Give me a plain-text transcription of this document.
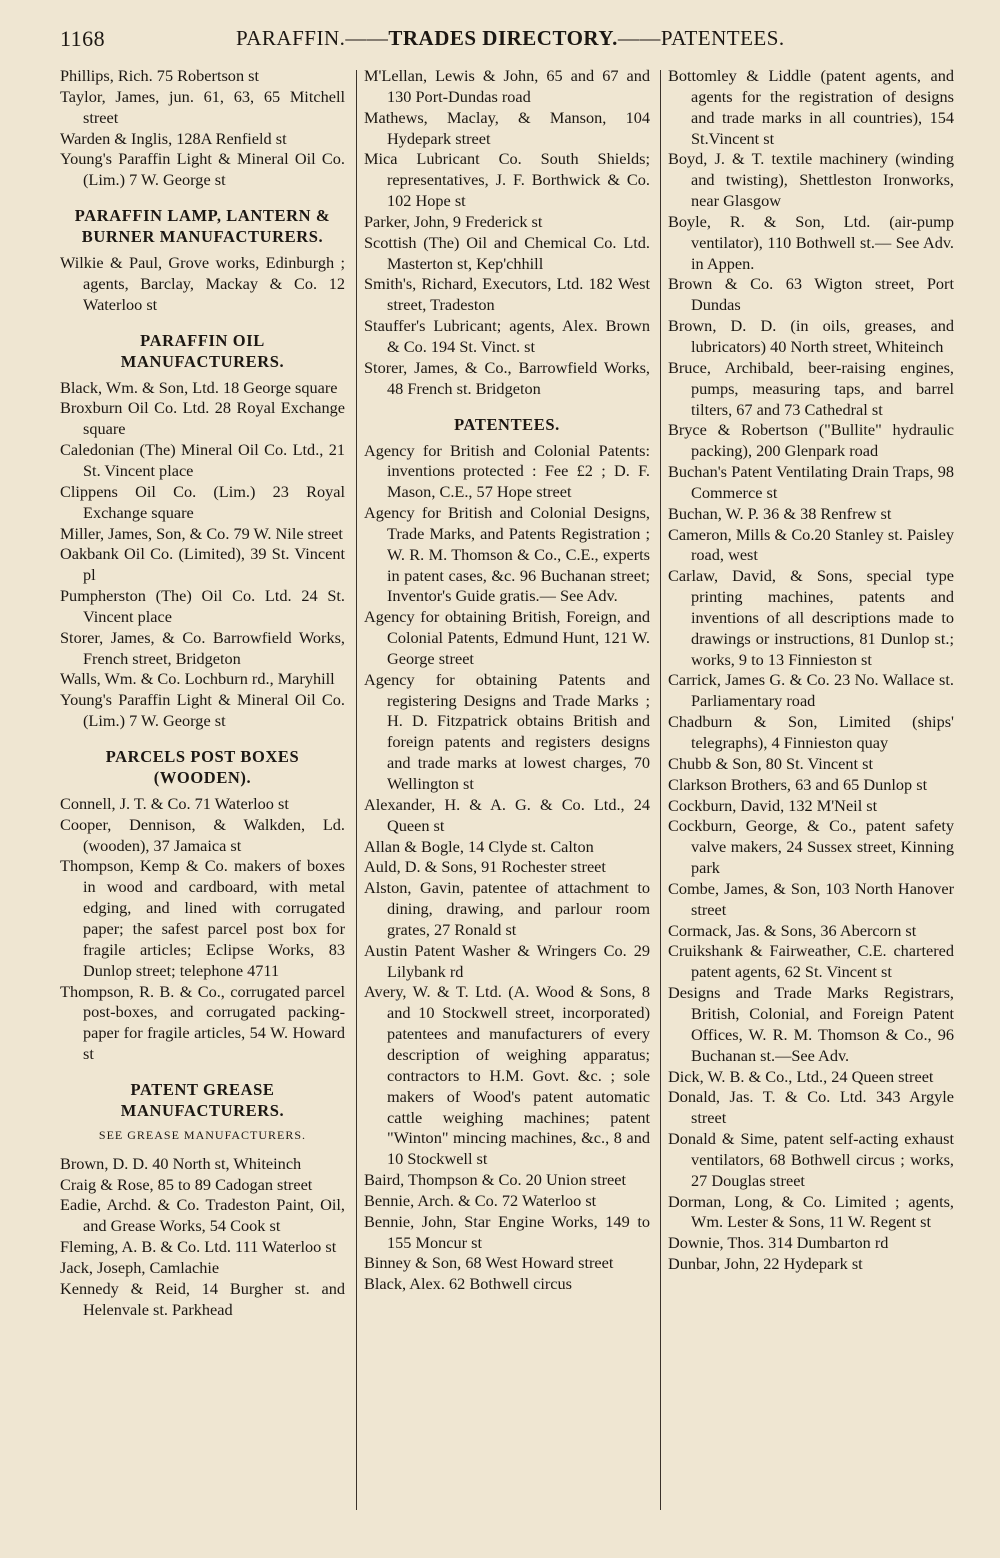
1168	PARAFFIN.——TRADES DIRECTORY.——PATENTEES.

Phillips, Rich. 75 Robertson st

Taylor, James, jun. 61, 63, 65 Mitchell street

Warden & Inglis, 128A Renfield st

Young's Paraffin Light & Mineral Oil Co. (Lim.) 7 W. George st

PARAFFIN LAMP, LANTERN & BURNER MANUFACTURERS.

Wilkie & Paul, Grove works, Edinburgh ; agents, Barclay, Mackay & Co. 12 Waterloo st

PARAFFIN OIL MANUFACTURERS.

Black, Wm. & Son, Ltd. 18 George square

Broxburn Oil Co. Ltd. 28 Royal Exchange square

Caledonian (The) Mineral Oil Co. Ltd., 21 St. Vincent place

Clippens Oil Co. (Lim.) 23 Royal Exchange square

Miller, James, Son, & Co. 79 W. Nile street

Oakbank Oil Co. (Limited), 39 St. Vincent pl

Pumpherston (The) Oil Co. Ltd. 24 St. Vincent place

Storer, James, & Co. Barrowfield Works, French street, Bridgeton

Walls, Wm. & Co. Lochburn rd., Maryhill

Young's Paraffin Light & Mineral Oil Co. (Lim.) 7 W. George st

PARCELS POST BOXES (WOODEN).

Connell, J. T. & Co. 71 Waterloo st

Cooper, Dennison, & Walkden, Ld. (wooden), 37 Jamaica st

Thompson, Kemp & Co. makers of boxes in wood and cardboard, with metal edging, and lined with corrugated paper; the safest parcel post box for fragile articles; Eclipse Works, 83 Dunlop street; telephone 4711

Thompson, R. B. & Co., corrugated parcel post-boxes, and corrugated packing-paper for fragile articles, 54 W. Howard st

PATENT GREASE MANUFACTURERS.
SEE GREASE MANUFACTURERS.

Brown, D. D. 40 North st, Whiteinch

Craig & Rose, 85 to 89 Cadogan street

Eadie, Archd. & Co. Tradeston Paint, Oil, and Grease Works, 54 Cook st

Fleming, A. B. & Co. Ltd. 111 Waterloo st

Jack, Joseph, Camlachie

Kennedy & Reid, 14 Burgher st. and Helenvale st. Parkhead

M'Lellan, Lewis & John, 65 and 67 and 130 Port-Dundas road

Mathews, Maclay, & Manson, 104 Hydepark street

Mica Lubricant Co. South Shields; representatives, J. F. Borthwick & Co. 102 Hope st

Parker, John, 9 Frederick st

Scottish (The) Oil and Chemical Co. Ltd. Masterton st, Kep'chhill

Smith's, Richard, Executors, Ltd. 182 West street, Tradeston

Stauffer's Lubricant; agents, Alex. Brown & Co. 194 St. Vinct. st

Storer, James, & Co., Barrowfield Works, 48 French st. Bridgeton

PATENTEES.

Agency for British and Colonial Patents: inventions protected : Fee £2 ; D. F. Mason, C.E., 57 Hope street

Agency for British and Colonial Designs, Trade Marks, and Patents Registration ; W. R. M. Thomson & Co., C.E., experts in patent cases, &c. 96 Buchanan street; Inventor's Guide gratis.— See Adv.

Agency for obtaining British, Foreign, and Colonial Patents, Edmund Hunt, 121 W. George street

Agency for obtaining Patents and registering Designs and Trade Marks ; H. D. Fitzpatrick obtains British and foreign patents and registers designs and trade marks at lowest charges, 70 Wellington st

Alexander, H. & A. G. & Co. Ltd., 24 Queen st

Allan & Bogle, 14 Clyde st. Calton

Auld, D. & Sons, 91 Rochester street

Alston, Gavin, patentee of attachment to dining, drawing, and parlour room grates, 27 Ronald st

Austin Patent Washer & Wringers Co. 29 Lilybank rd

Avery, W. & T. Ltd. (A. Wood & Sons, 8 and 10 Stockwell street, incorporated) patentees and manufacturers of every description of weighing apparatus; contractors to H.M. Govt. &c. ; sole makers of Wood's patent automatic cattle weighing machines; patent "Winton" mincing machines, &c., 8 and 10 Stockwell st

Baird, Thompson & Co. 20 Union street

Bennie, Arch. & Co. 72 Waterloo st

Bennie, John, Star Engine Works, 149 to 155 Moncur st

Binney & Son, 68 West Howard street

Black, Alex. 62 Bothwell circus

Bottomley & Liddle (patent agents, and agents for the registration of designs and trade marks in all countries), 154 St.Vincent st

Boyd, J. & T. textile machinery (winding and twisting), Shettleston Ironworks, near Glasgow

Boyle, R. & Son, Ltd. (air-pump ventilator), 110 Bothwell st.— See Adv. in Appen.

Brown & Co. 63 Wigton street, Port Dundas

Brown, D. D. (in oils, greases, and lubricators) 40 North street, Whiteinch

Bruce, Archibald, beer-raising engines, pumps, measuring taps, and barrel tilters, 67 and 73 Cathedral st

Bryce & Robertson ("Bullite" hydraulic packing), 200 Glenpark road

Buchan's Patent Ventilating Drain Traps, 98 Commerce st

Buchan, W. P. 36 & 38 Renfrew st

Cameron, Mills & Co.20 Stanley st. Paisley road, west

Carlaw, David, & Sons, special type printing machines, patents and inventions of all descriptions made to drawings or instructions, 81 Dunlop st.; works, 9 to 13 Finnieston st

Carrick, James G. & Co. 23 No. Wallace st. Parliamentary road

Chadburn & Son, Limited (ships' telegraphs), 4 Finnieston quay

Chubb & Son, 80 St. Vincent st

Clarkson Brothers, 63 and 65 Dunlop st

Cockburn, David, 132 M'Neil st

Cockburn, George, & Co., patent safety valve makers, 24 Sussex street, Kinning park

Combe, James, & Son, 103 North Hanover street

Cormack, Jas. & Sons, 36 Abercorn st

Cruikshank & Fairweather, C.E. chartered patent agents, 62 St. Vincent st

Designs and Trade Marks Registrars, British, Colonial, and Foreign Patent Offices, W. R. M. Thomson & Co., 96 Buchanan st.—See Adv.

Dick, W. B. & Co., Ltd., 24 Queen street

Donald, Jas. T. & Co. Ltd. 343 Argyle street

Donald & Sime, patent self-acting exhaust ventilators, 68 Bothwell circus ; works, 27 Douglas street

Dorman, Long, & Co. Limited ; agents, Wm. Lester & Sons, 11 W. Regent st

Downie, Thos. 314 Dumbarton rd

Dunbar, John, 22 Hydepark st
